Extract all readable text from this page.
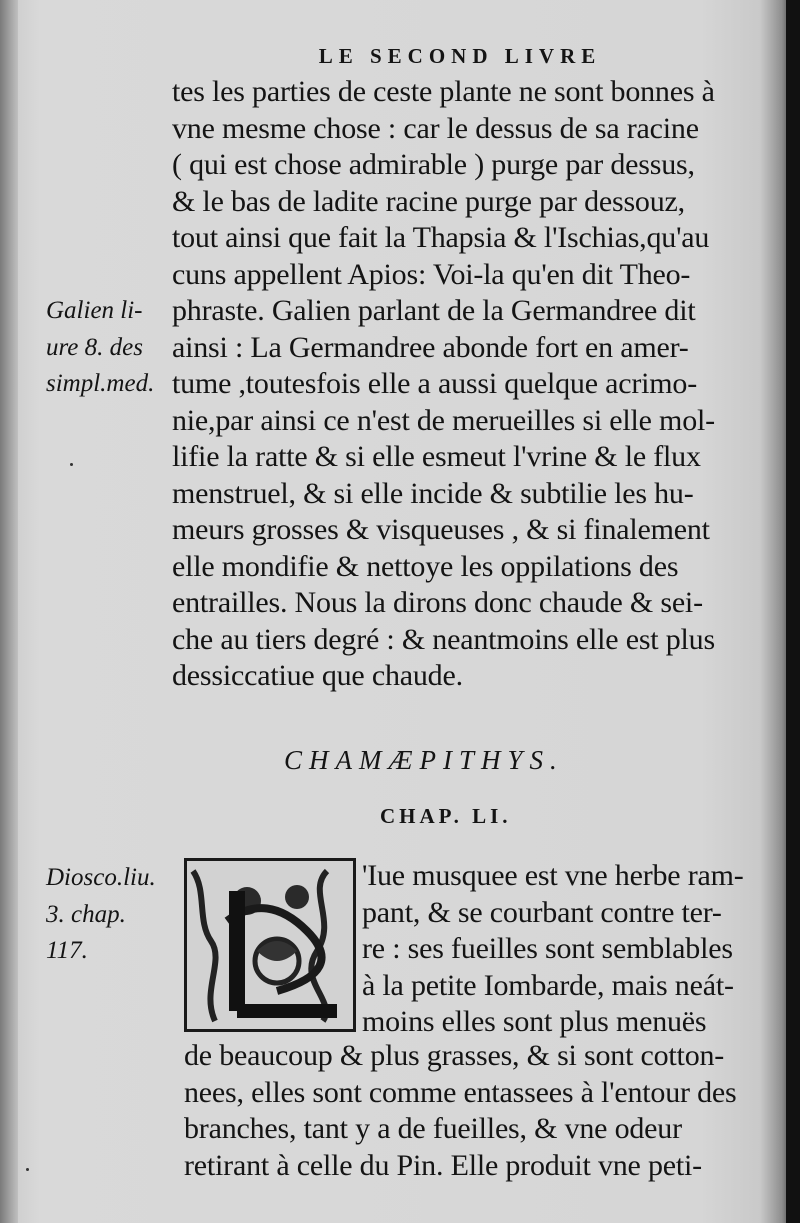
LE SECOND LIVRE
tes les parties de ceste plante ne sont bonnes à
vne mesme chose : car le dessus de sa racine
( qui est chose admirable ) purge par dessus,
& le bas de ladite racine purge par dessouz,
tout ainsi que fait la Thapsia & l'Ischias,qu'au
cuns appellent Apios: Voi-la qu'en dit Theo-
phraste. Galien parlant de la Germandree dit
ainsi : La Germandree abonde fort en amer-
tume ,toutesfois elle a aussi quelque acrimo-
nie,par ainsi ce n'est de merueilles si elle mol-
lifie la ratte & si elle esmeut l'vrine & le flux
menstruel, & si elle incide & subtilie les hu-
meurs grosses & visqueuses , & si finalement
elle mondifie & nettoye les oppilations des
entrailles. Nous la dirons donc chaude & sei-
che au tiers degré : & neantmoins elle est plus
dessiccatiue que chaude.
Galien li-
ure 8. des
simpl.med.
CHAMÆPITHYS.
CHAP. LI.
Diosco.liu.
3. chap.
117.
'Iue musquee est vne herbe ram-
pant, & se courbant contre ter-
re : ses fueilles sont semblables
à la petite Iombarde, mais neát-
moins elles sont plus menuës
de beaucoup & plus grasses, & si sont cotton-
nees, elles sont comme entassees à l'entour des
branches, tant y a de fueilles, & vne odeur
retirant à celle du Pin. Elle produit vne peti-
